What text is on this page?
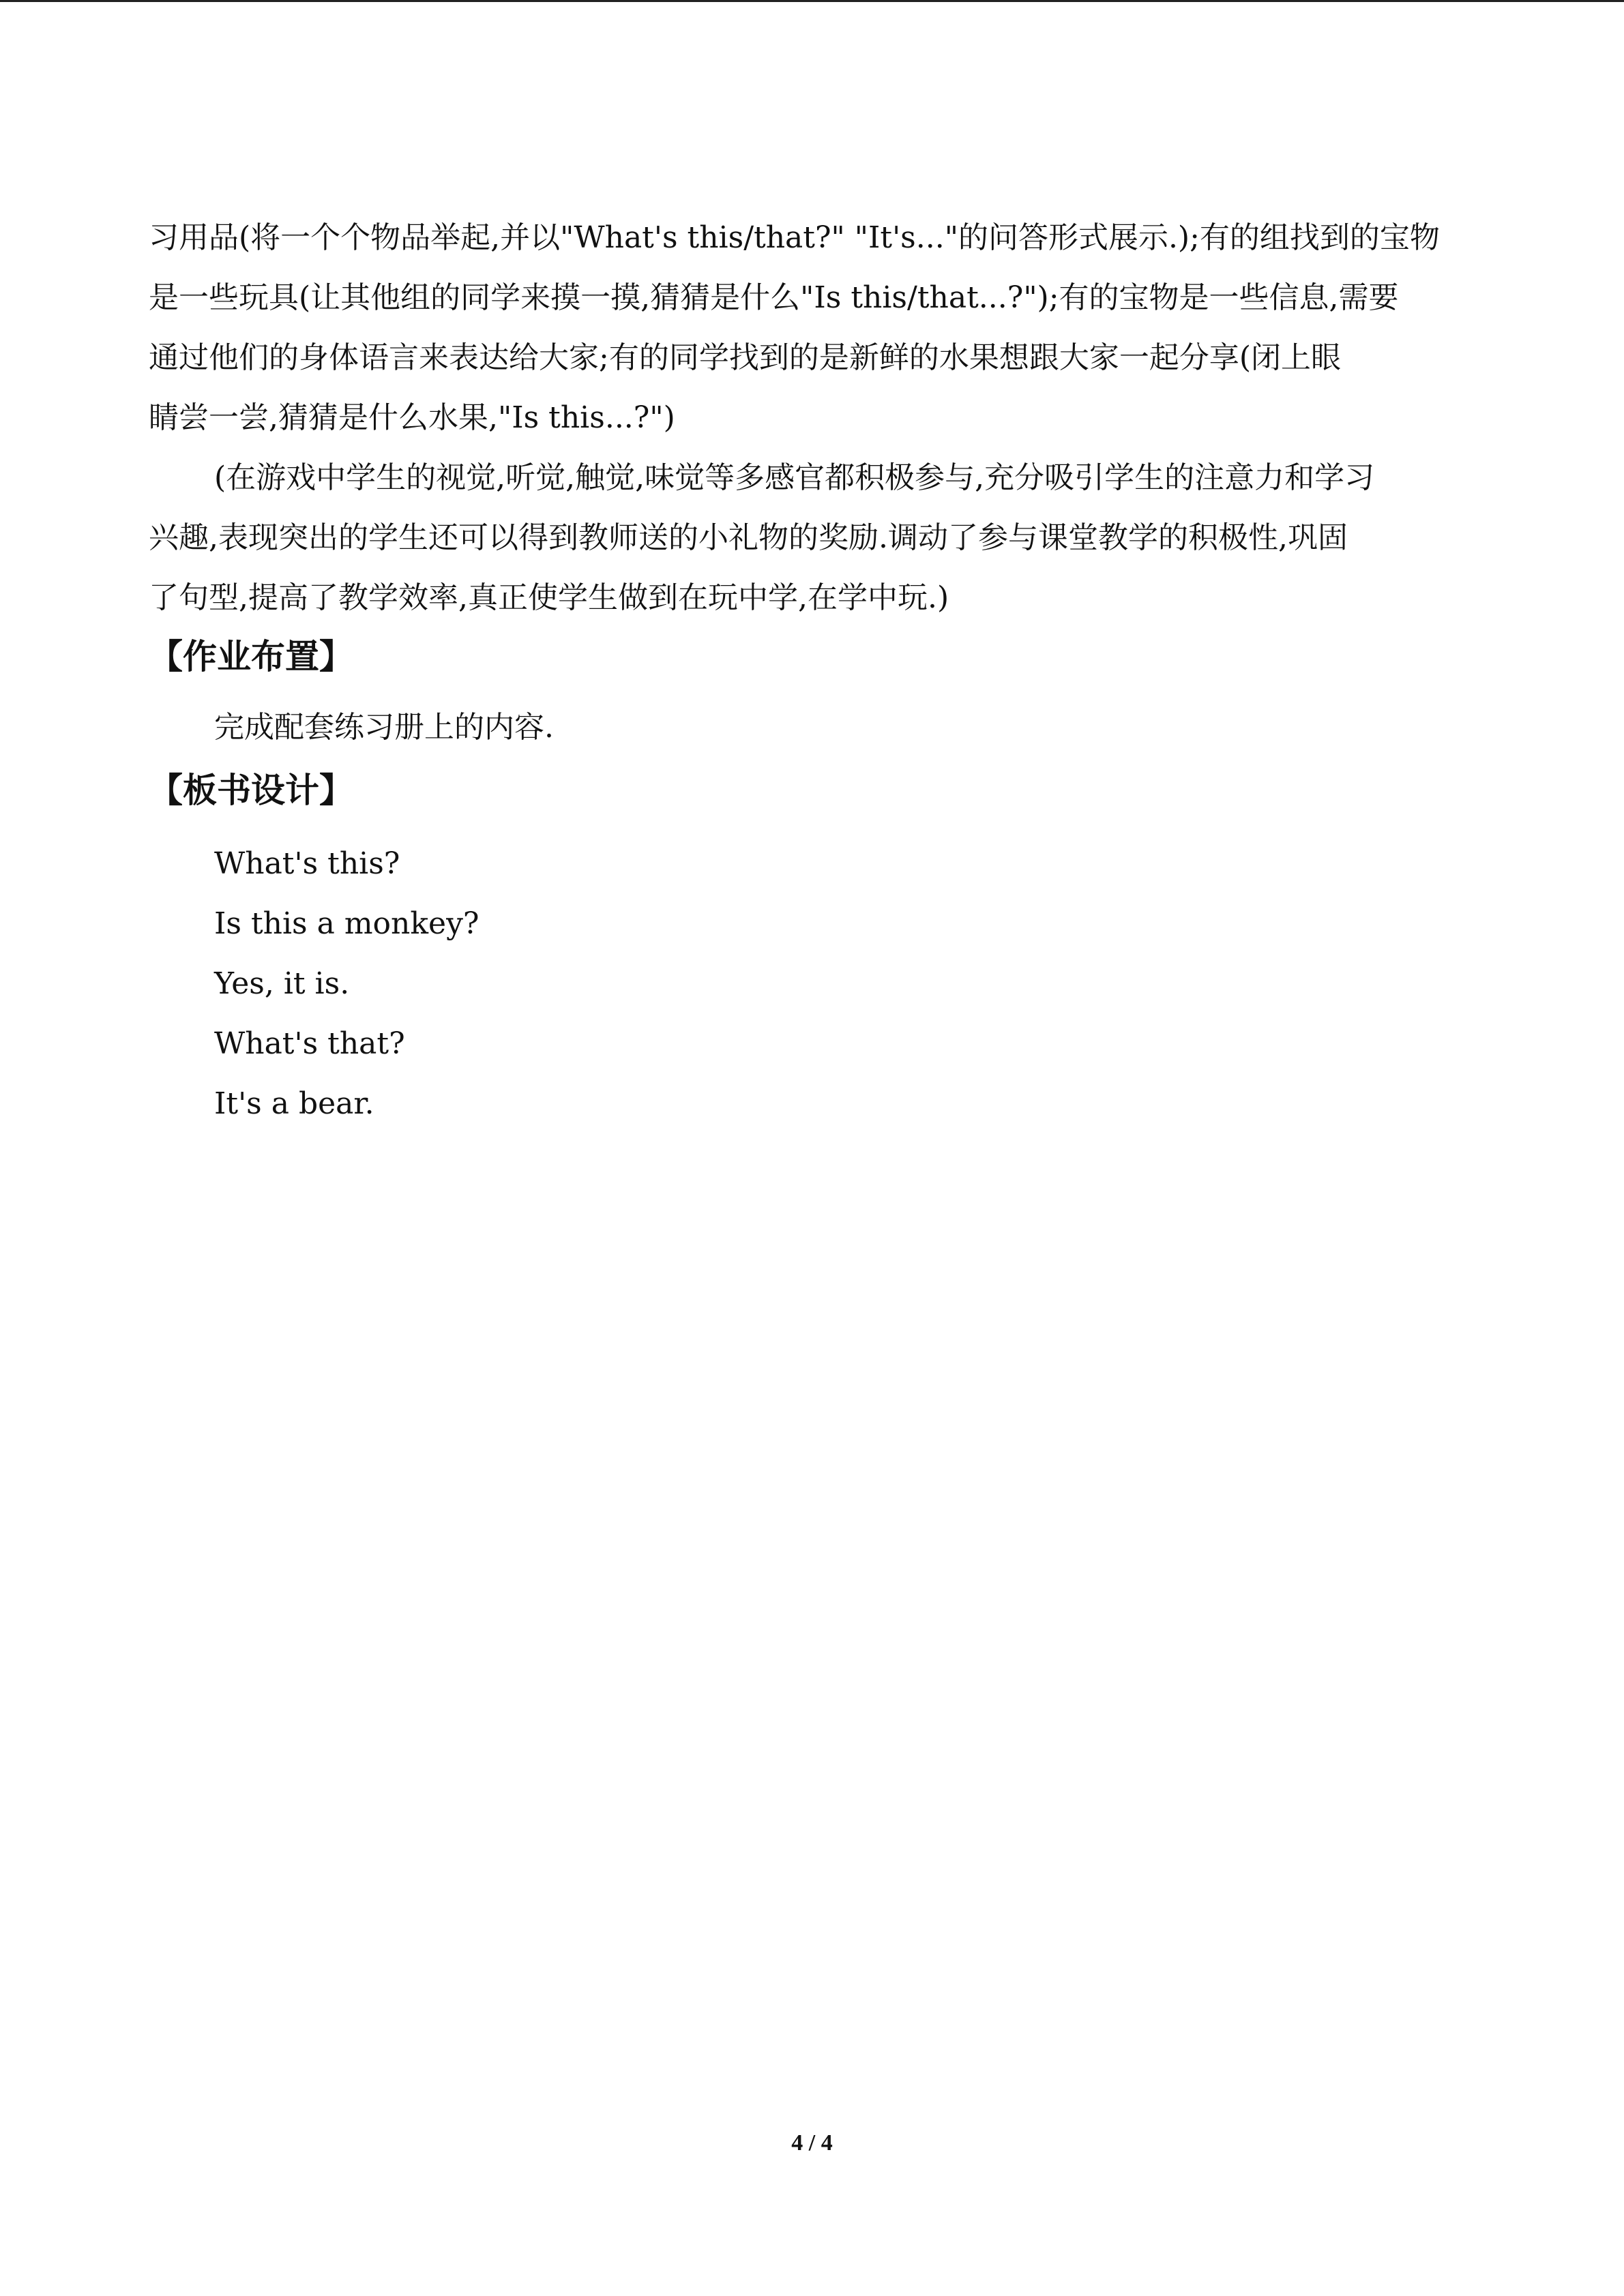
习用品(将一个个物品举起,并以"What's this/that?" "It's..."的问答形式展示.);有的组找到的宝物

是一些玩具(让其他组的同学来摸一摸,猜猜是什么"Is this/that...?");有的宝物是一些信息,需要

通过他们的身体语言来表达给大家;有的同学找到的是新鲜的水果想跟大家一起分享(闭上眼

睛尝一尝,猜猜是什么水果,"Is this...?")

(在游戏中学生的视觉,听觉,触觉,味觉等多感官都积极参与,充分吸引学生的注意力和学习

兴趣,表现突出的学生还可以得到教师送的小礼物的奖励.调动了参与课堂教学的积极性,巩固

了句型,提高了教学效率,真正使学生做到在玩中学,在学中玩.)

【作业布置】

完成配套练习册上的内容.

【板书设计】

What's this?

Is this a monkey?

Yes, it is.

What's that?

It's a bear.

4 / 4
